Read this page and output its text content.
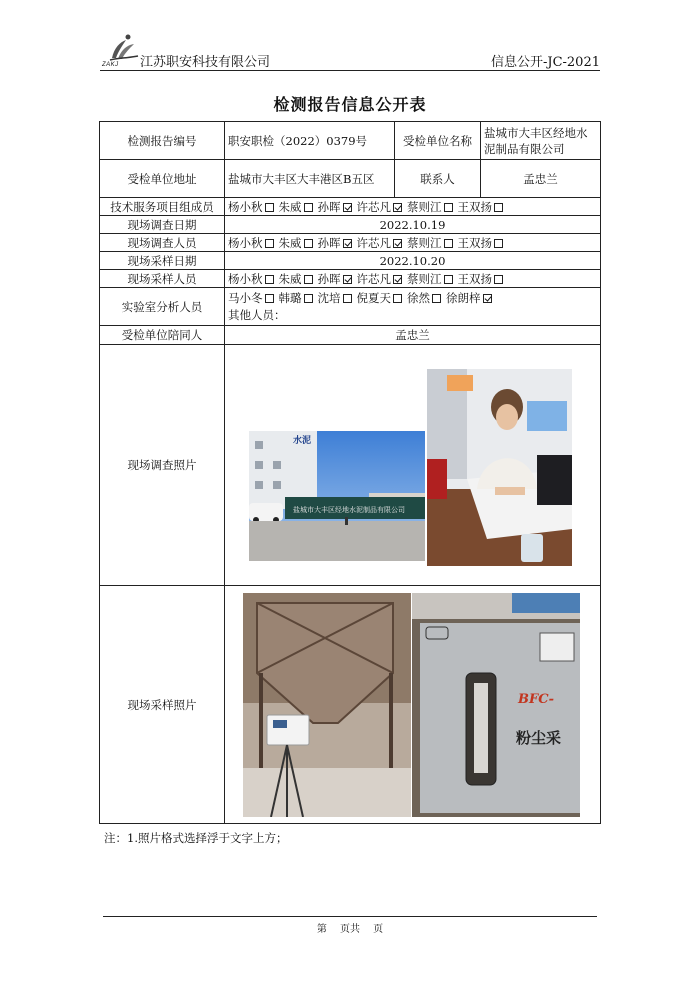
ZAKJ 江苏职安科技有限公司	信息公开-JC-2021
检测报告信息公开表
检测报告编号	职安职检（2022）0379号	受检单位名称	盐城市大丰区经地水泥制品有限公司
受检单位地址	盐城市大丰区大丰港区B五区	联系人	孟忠兰
技术服务项目组成员	杨小秋 朱威 孙晖 许芯凡 蔡则江 王双扬		
现场调查日期	2022.10.19		
现场调查人员	杨小秋 朱威 孙晖 许芯凡 蔡则江 王双扬		
现场采样日期	2022.10.20		
现场采样人员	杨小秋 朱威 孙晖 许芯凡 蔡则江 王双扬		
实验室分析人员	马小冬 韩璐 沈培 倪夏天 徐然 徐朗梓
其他人员：		
受检单位陪同人	孟忠兰		
现场调查照片	水泥
盐城市大丰区经地水泥制品有限公司		

现场采样照片	BFC-
粉尘采		
注：1.照片格式选择浮于文字上方；
第 页共 页
